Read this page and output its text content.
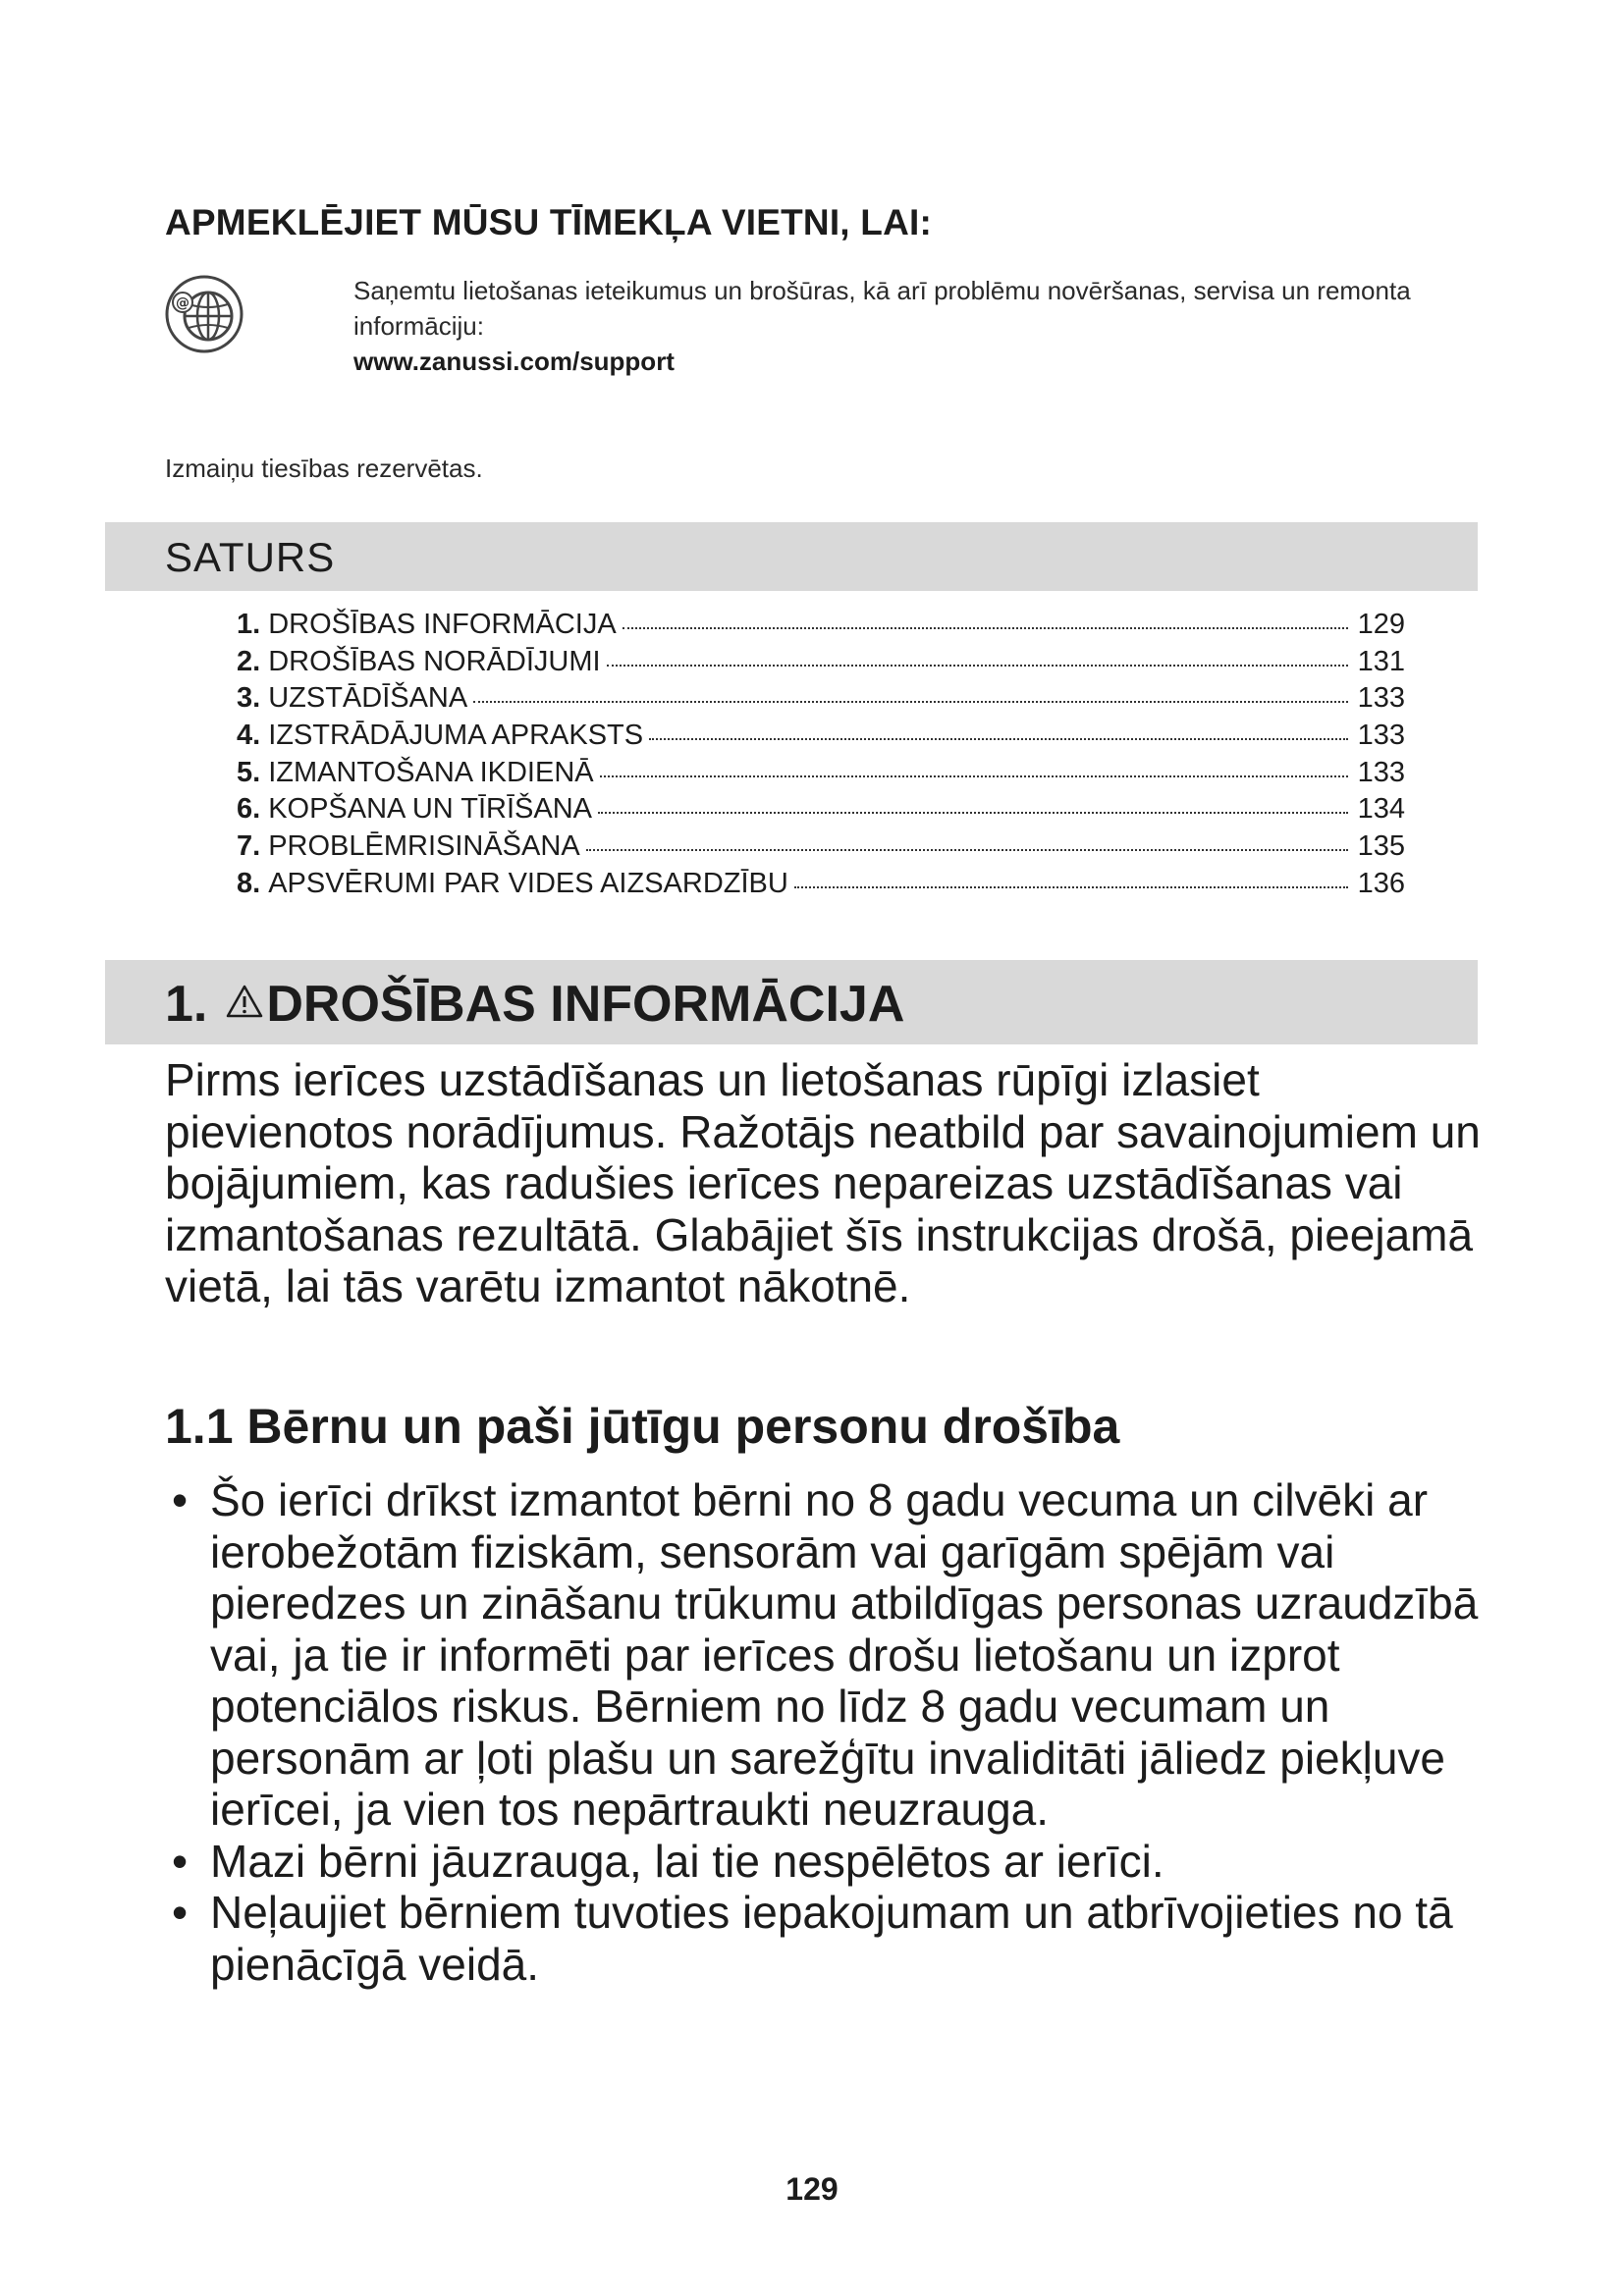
APMEKLĒJIET MŪSU TĪMEKĻA VIETNI, LAI:
@	Saņemtu lietošanas ieteikumus un brošūras, kā arī problēmu novēršanas, servisa un remonta informāciju:
www.zanussi.com/support
Izmaiņu tiesības rezervētas.
SATURS
1. DROŠĪBAS INFORMĀCIJA	129
2. DROŠĪBAS NORĀDĪJUMI	131
3. UZSTĀDĪŠANA	133
4. IZSTRĀDĀJUMA APRAKSTS	133
5. IZMANTOŠANA IKDIENĀ	133
6. KOPŠANA UN TĪRĪŠANA	134
7. PROBLĒMRISINĀŠANA	135
8. APSVĒRUMI PAR VIDES AIZSARDZĪBU	136
1. DROŠĪBAS INFORMĀCIJA
Pirms ierīces uzstādīšanas un lietošanas rūpīgi izlasiet pievienotos norādījumus. Ražotājs neatbild par savainojumiem un bojājumiem, kas radušies ierīces nepareizas uzstādīšanas vai izmantošanas rezultātā. Glabājiet šīs instrukcijas drošā, pieejamā vietā, lai tās varētu izmantot nākotnē.
1.1 Bērnu un paši jūtīgu personu drošība
• Šo ierīci drīkst izmantot bērni no 8 gadu vecuma un cilvēki ar ierobežotām fiziskām, sensorām vai garīgām spējām vai pieredzes un zināšanu trūkumu atbildīgas personas uzraudzībā vai, ja tie ir informēti par ierīces drošu lietošanu un izprot potenciālos riskus. Bērniem no līdz 8 gadu vecumam un personām ar ļoti plašu un sarežģītu invaliditāti jāliedz piekļuve ierīcei, ja vien tos nepārtraukti neuzrauga.
• Mazi bērni jāuzrauga, lai tie nespēlētos ar ierīci.
• Neļaujiet bērniem tuvoties iepakojumam un atbrīvojieties no tā pienācīgā veidā.
129
